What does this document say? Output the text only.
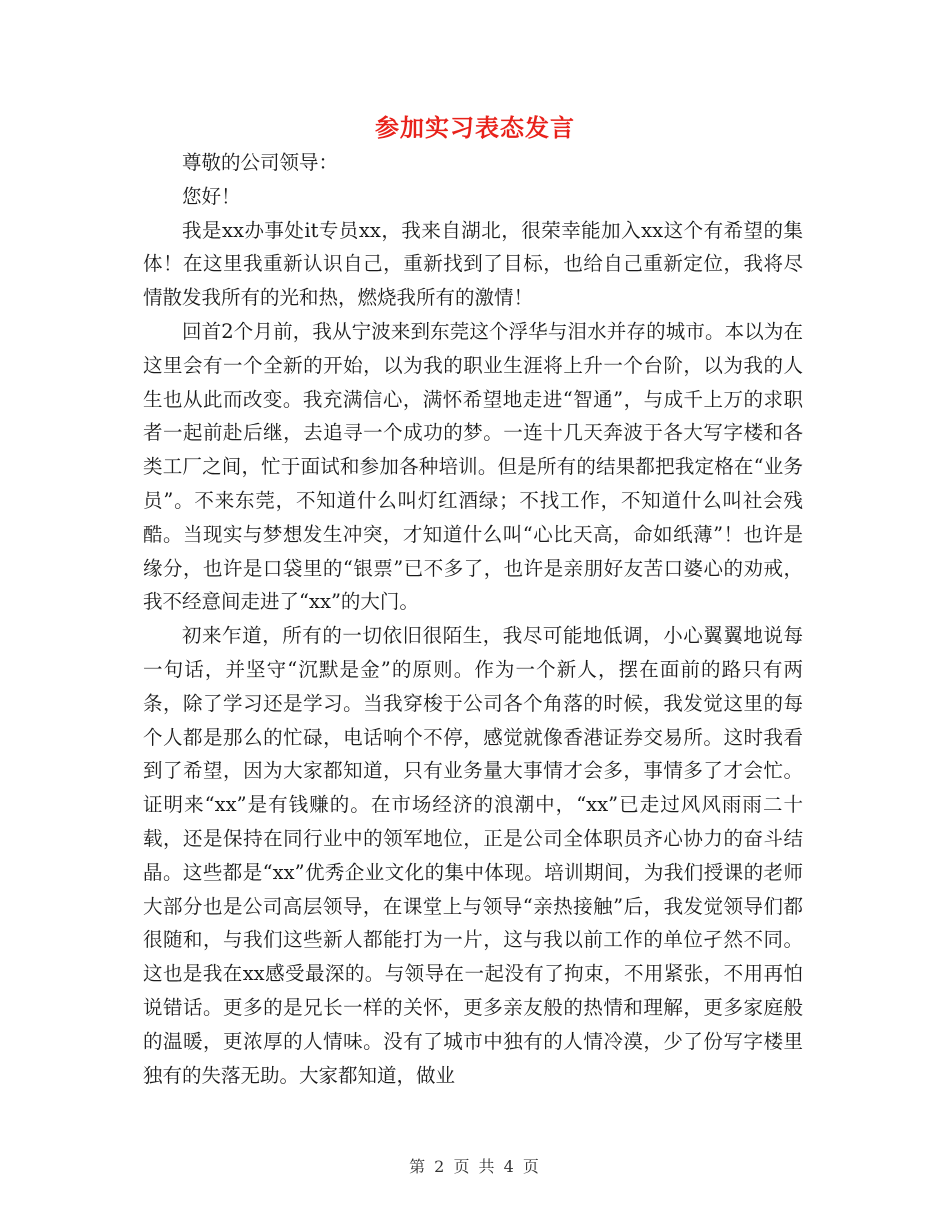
参加实习表态发言

尊敬的公司领导：

您好！

我是xx办事处it专员xx，我来自湖北，很荣幸能加入xx这个有希望的集体！在这里我重新认识自己，重新找到了目标，也给自己重新定位，我将尽情散发我所有的光和热，燃烧我所有的激情！

回首2个月前，我从宁波来到东莞这个浮华与泪水并存的城市。本以为在这里会有一个全新的开始，以为我的职业生涯将上升一个台阶，以为我的人生也从此而改变。我充满信心，满怀希望地走进“智通”，与成千上万的求职者一起前赴后继，去追寻一个成功的梦。一连十几天奔波于各大写字楼和各类工厂之间，忙于面试和参加各种培训。但是所有的结果都把我定格在“业务员”。不来东莞，不知道什么叫灯红酒绿；不找工作，不知道什么叫社会残酷。当现实与梦想发生冲突，才知道什么叫“心比天高，命如纸薄”！也许是缘分，也许是口袋里的“银票”已不多了，也许是亲朋好友苦口婆心的劝戒，我不经意间走进了“xx”的大门。

初来乍道，所有的一切依旧很陌生，我尽可能地低调，小心翼翼地说每一句话，并坚守“沉默是金”的原则。作为一个新人，摆在面前的路只有两条，除了学习还是学习。当我穿梭于公司各个角落的时候，我发觉这里的每个人都是那么的忙碌，电话响个不停，感觉就像香港证券交易所。这时我看到了希望，因为大家都知道，只有业务量大事情才会多，事情多了才会忙。证明来“xx”是有钱赚的。在市场经济的浪潮中，“xx”已走过风风雨雨二十载，还是保持在同行业中的领军地位，正是公司全体职员齐心协力的奋斗结晶。这些都是“xx”优秀企业文化的集中体现。培训期间，为我们授课的老师大部分也是公司高层领导，在课堂上与领导“亲热接触”后，我发觉领导们都很随和，与我们这些新人都能打为一片，这与我以前工作的单位孑然不同。这也是我在xx感受最深的。与领导在一起没有了拘束，不用紧张，不用再怕说错话。更多的是兄长一样的关怀，更多亲友般的热情和理解，更多家庭般的温暖，更浓厚的人情味。没有了城市中独有的人情冷漠，少了份写字楼里独有的失落无助。大家都知道，做业

第 2 页 共 4 页
